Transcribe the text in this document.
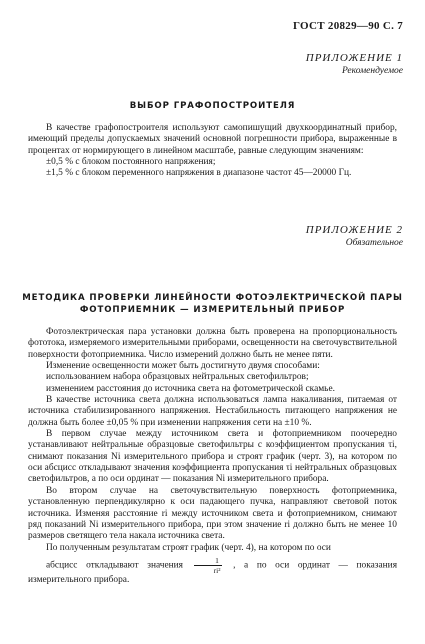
ГОСТ 20829—90 С. 7
ПРИЛОЖЕНИЕ 1
Рекомендуемое
ВЫБОР ГРАФОПОСТРОИТЕЛЯ

В качестве графопостроителя используют самопишущий двухкоординатный прибор, имеющий пределы допускаемых значений основной погрешности прибора, выраженные в процентах от нормирующего в линейном масштабе, равные следующим значениям:

±0,5 % с блоком постоянного напряжения;

±1,5 % с блоком переменного напряжения в диапазоне частот 45—20000 Гц.

ПРИЛОЖЕНИЕ 2
Обязательное
МЕТОДИКА ПРОВЕРКИ ЛИНЕЙНОСТИ ФОТОЭЛЕКТРИЧЕСКОЙ ПАРЫ
ФОТОПРИЕМНИК — ИЗМЕРИТЕЛЬНЫЙ ПРИБОР

Фотоэлектрическая пара установки должна быть проверена на пропорциональность фототока, измеряемого измерительными приборами, освещенности на светочувствительной поверхности фотоприемника. Число измерений должно быть не менее пяти.

Изменение освещенности может быть достигнуто двумя способами:

использованием набора образцовых нейтральных светофильтров;

изменением расстояния до источника света на фотометрической скамье.

В качестве источника света должна использоваться лампа накаливания, питаемая от источника стабилизированного напряжения. Нестабильность питающего напряжения не должна быть более ±0,05 % при изменении напряжения сети на ±10 %.

В первом случае между источником света и фотоприемником поочередно устанавливают нейтральные образцовые светофильтры с коэффициентом пропускания τi, снимают показания Ni измерительного прибора и строят график (черт. 3), на котором по оси абсцисс откладывают значения коэффициента пропускания τi нейтральных образцовых светофильтров, а по оси ординат — показания Ni измерительного прибора.

Во втором случае на светочувствительную поверхность фотоприемника, установленную перпендикулярно к оси падающего пучка, направляют световой поток источника. Изменяя расстояние ri между источником света и фотоприемником, снимают ряд показаний Ni измерительного прибора, при этом значение ri должно быть не менее 10 размеров светящего тела накала источника света.

По полученным результатам строят график (черт. 4), на котором по оси

абсцисс откладывают значения $\frac{1}{\text{ri²}}$ , а по оси ординат — показания измерительного прибора.
